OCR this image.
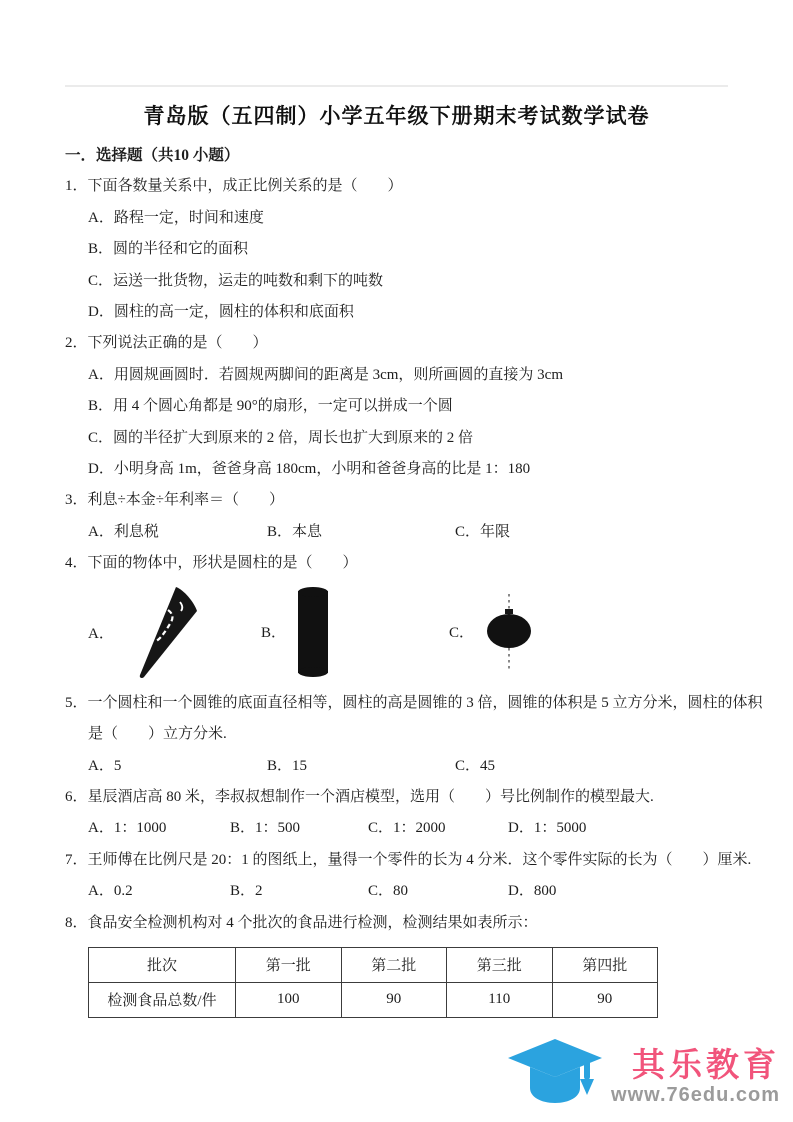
青岛版（五四制）小学五年级下册期末考试数学试卷
一．选择题（共10 小题）
1．下面各数量关系中，成正比例关系的是（　　）
A．路程一定，时间和速度
B．圆的半径和它的面积
C．运送一批货物，运走的吨数和剩下的吨数
D．圆柱的高一定，圆柱的体积和底面积
2．下列说法正确的是（　　）
A．用圆规画圆时．若圆规两脚间的距离是 3cm，则所画圆的直接为 3cm
B．用 4 个圆心角都是 90°的扇形，一定可以拼成一个圆
C．圆的半径扩大到原来的 2 倍，周长也扩大到原来的 2 倍
D．小明身高 1m，爸爸身高 180cm，小明和爸爸身高的比是 1：180
3．利息÷本金÷年利率＝（　　）
A．利息税	B．本息	C．年限
4．下面的物体中，形状是圆柱的是（　　）
A．	B．	C．
5．一个圆柱和一个圆锥的底面直径相等，圆柱的高是圆锥的 3 倍，圆锥的体积是 5 立方分米，圆柱的体积是（　　）立方分米.
A．5	B．15	C．45
6．星辰酒店高 80 米，李叔叔想制作一个酒店模型，选用（　　）号比例制作的模型最大.
A．1：1000	B．1：500	C．1：2000	D．1：5000
7．王师傅在比例尺是 20：1 的图纸上，量得一个零件的长为 4 分米．这个零件实际的长为（　　）厘米.
A．0.2	B．2	C．80	D．800
8．食品安全检测机构对 4 个批次的食品进行检测，检测结果如表所示：
批次	第一批	第二批	第三批	第四批
检测食品总数/件	100	90	110	90
其乐教育
www.76edu.com
